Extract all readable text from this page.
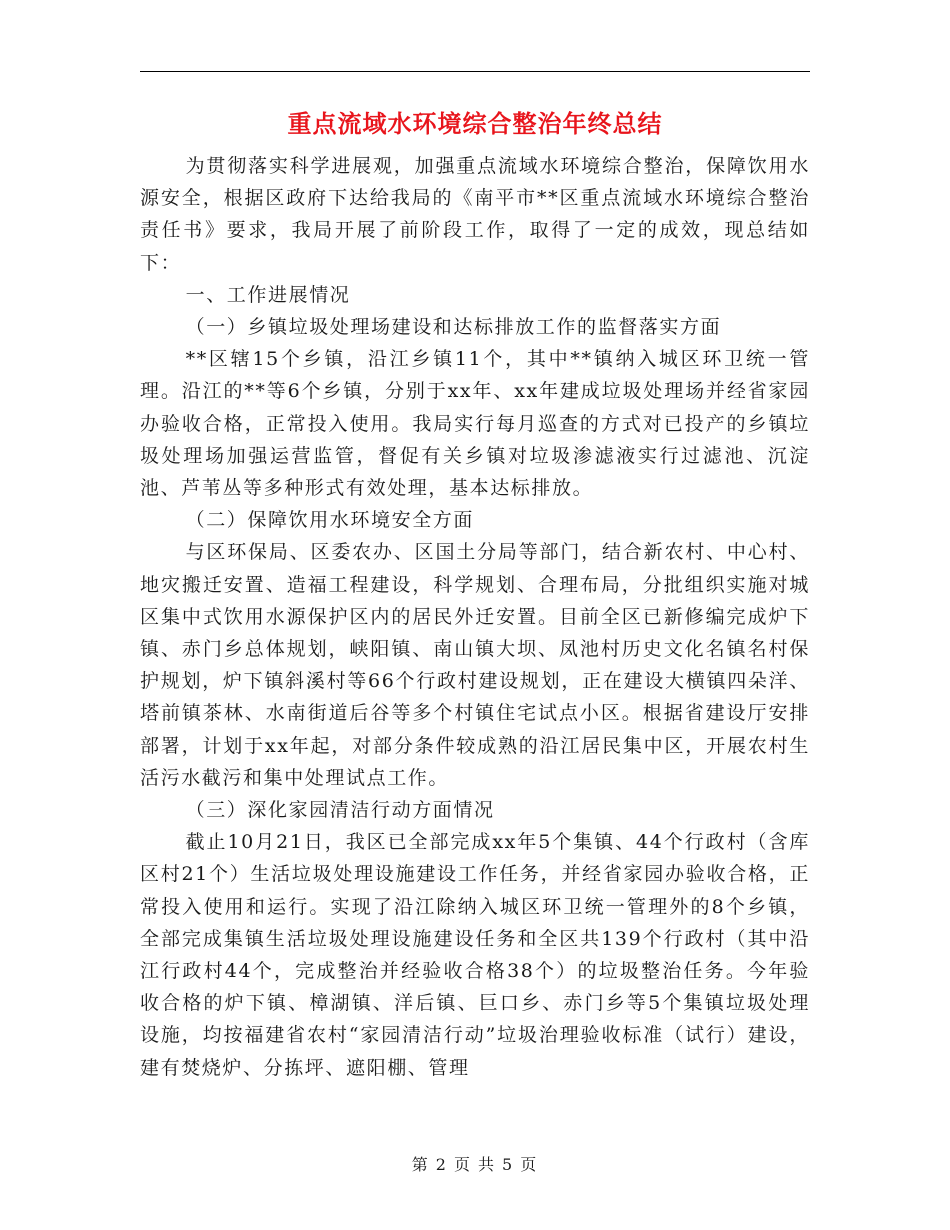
重点流域水环境综合整治年终总结

为贯彻落实科学进展观，加强重点流域水环境综合整治，保障饮用水源安全，根据区政府下达给我局的《南平市**区重点流域水环境综合整治责任书》要求，我局开展了前阶段工作，取得了一定的成效，现总结如下：

一、工作进展情况

（一）乡镇垃圾处理场建设和达标排放工作的监督落实方面

**区辖15个乡镇，沿江乡镇11个，其中**镇纳入城区环卫统一管理。沿江的**等6个乡镇，分别于xx年、xx年建成垃圾处理场并经省家园办验收合格，正常投入使用。我局实行每月巡查的方式对已投产的乡镇垃圾处理场加强运营监管，督促有关乡镇对垃圾渗滤液实行过滤池、沉淀池、芦苇丛等多种形式有效处理，基本达标排放。

（二）保障饮用水环境安全方面

与区环保局、区委农办、区国土分局等部门，结合新农村、中心村、地灾搬迁安置、造福工程建设，科学规划、合理布局，分批组织实施对城区集中式饮用水源保护区内的居民外迁安置。目前全区已新修编完成炉下镇、赤门乡总体规划，峡阳镇、南山镇大坝、凤池村历史文化名镇名村保护规划，炉下镇斜溪村等66个行政村建设规划，正在建设大横镇四朵洋、塔前镇茶林、水南街道后谷等多个村镇住宅试点小区。根据省建设厅安排部署，计划于xx年起，对部分条件较成熟的沿江居民集中区，开展农村生活污水截污和集中处理试点工作。

（三）深化家园清洁行动方面情况

截止10月21日，我区已全部完成xx年5个集镇、44个行政村（含库区村21个）生活垃圾处理设施建设工作任务，并经省家园办验收合格，正常投入使用和运行。实现了沿江除纳入城区环卫统一管理外的8个乡镇，全部完成集镇生活垃圾处理设施建设任务和全区共139个行政村（其中沿江行政村44个，完成整治并经验收合格38个）的垃圾整治任务。今年验收合格的炉下镇、樟湖镇、洋后镇、巨口乡、赤门乡等5个集镇垃圾处理设施，均按福建省农村“家园清洁行动”垃圾治理验收标准（试行）建设，建有焚烧炉、分拣坪、遮阳棚、管理

第 2 页 共 5 页
